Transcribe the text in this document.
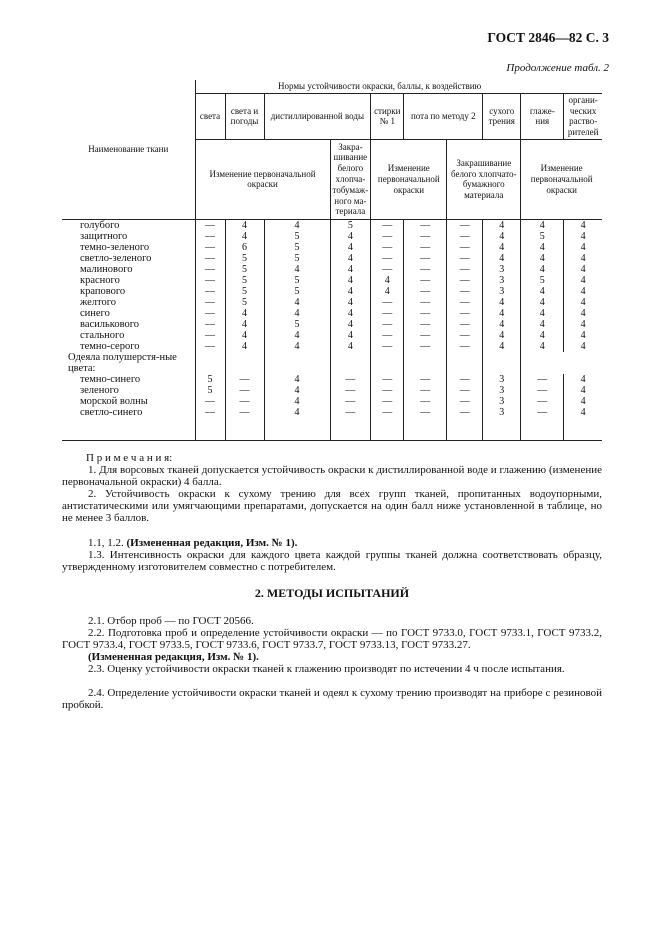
ГОСТ 2846—82 С. 3
Продолжение табл. 2
Наименование ткани	Нормы устойчивости окраски, баллы, к воздействию									
	света	света и погоды	дистиллированной воды		стирки № 1	пота по методу 2		сухого трения	глаже-ния	органи-ческих раство-рителей
	Изменение первоначальной окраски			Закра-шивание белого хлопча-тобумаж-ного ма-териала	Изменение первоначальной окраски		Закрашивание белого хлопчато-бумажного материала		Изменение первоначальной окраски	
голубого	—	4	4	5	—	—	—	4	4	4
защитного	—	4	5	4	—	—	—	4	5	4
темно-зеленого	—	6	5	4	—	—	—	4	4	4
светло-зеленого	—	5	5	4	—	—	—	4	4	4
малинового	—	5	4	4	—	—	—	3	4	4
красного	—	5	5	4	4	—	—	3	5	4
крапового	—	5	5	4	4	—	—	3	4	4
желтого	—	5	4	4	—	—	—	4	4	4
синего	—	4	4	4	—	—	—	4	4	4
василькового	—	4	5	4	—	—	—	4	4	4
стального	—	4	4	4	—	—	—	4	4	4
темно-серого	—	4	4	4	—	—	—	4	4	4
Одеяла полушерстя-ные цвета:										
темно-синего	5	—	4	—	—	—	—	3	—	4
зеленого	5	—	4	—	—	—	—	3	—	4
морской волны	—	—	4	—	—	—	—	3	—	4
светло-синего	—	—	4	—	—	—	—	3	—	4

П р и м е ч а н и я:
1. Для ворсовых тканей допускается устойчивость окраски к дистиллированной воде и глажению (изменение первоначальной окраски) 4 балла.
2. Устойчивость окраски к сухому трению для всех групп тканей, пропитанных водоупорными, антистатическими или умягчающими препаратами, допускается на один балл ниже установленной в таблице, но не менее 3 баллов.
1.1, 1.2. (Измененная редакция, Изм. № 1).
1.3. Интенсивность окраски для каждого цвета каждой группы тканей должна соответствовать образцу, утвержденному изготовителем совместно с потребителем.
2. МЕТОДЫ ИСПЫТАНИЙ
2.1. Отбор проб — по ГОСТ 20566.
2.2. Подготовка проб и определение устойчивости окраски — по ГОСТ 9733.0, ГОСТ 9733.1, ГОСТ 9733.2, ГОСТ 9733.4, ГОСТ 9733.5, ГОСТ 9733.6, ГОСТ 9733.7, ГОСТ 9733.13, ГОСТ 9733.27.
(Измененная редакция, Изм. № 1).
2.3. Оценку устойчивости окраски тканей к глажению производят по истечении 4 ч после испытания.
2.4. Определение устойчивости окраски тканей и одеял к сухому трению производят на приборе с резиновой пробкой.
